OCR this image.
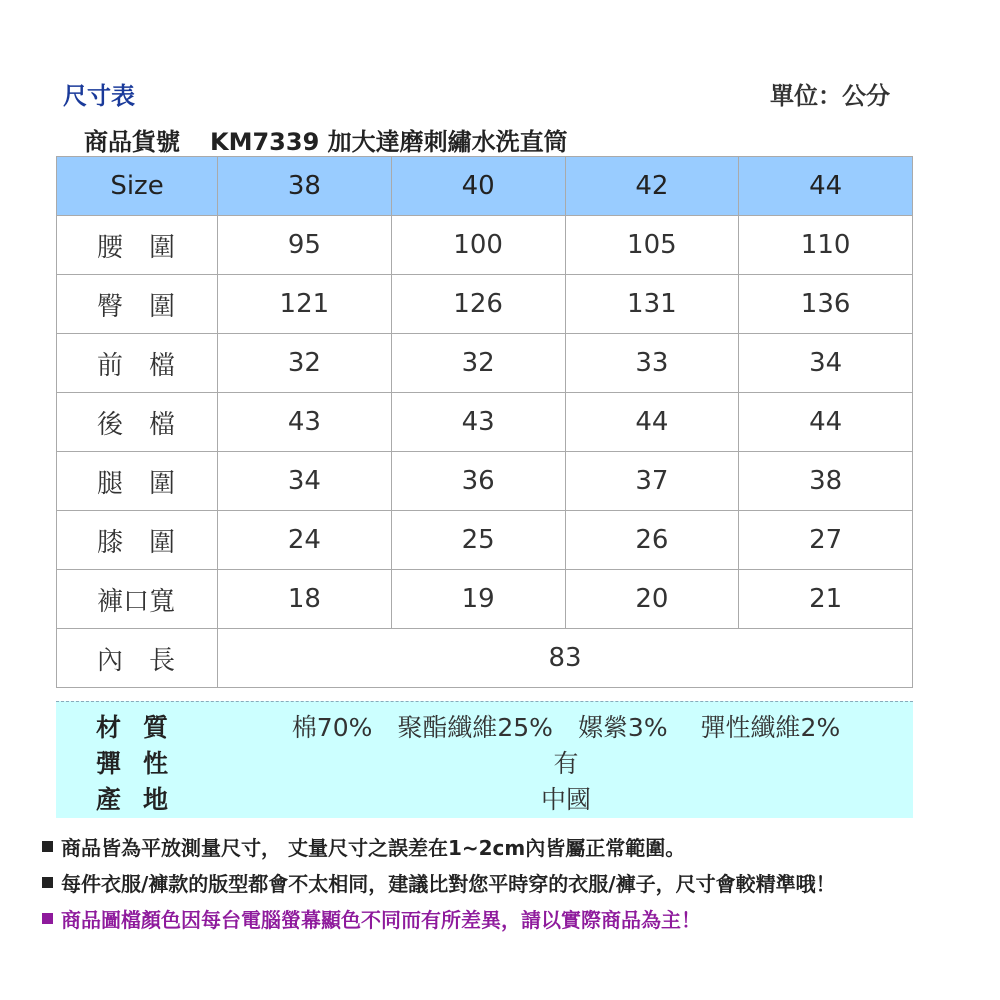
尺寸表	單位：公分
商品貨號 KM7339 加大達磨刺繡水洗直筒
Size	38	40	42	44
腰　圍	95	100	105	110
臀　圍	121	126	131	136
前　檔	32	32	33	34
後　檔	43	43	44	44
腿　圍	34	36	37	38
膝　圍	24	25	26	27
褲口寬	18	19	20	21
內　長	83			
材質	棉70%　聚酯纖維25%　嫘縈3%　 彈性纖維2%
彈性	有
產地	中國
商品皆為平放測量尺寸， 丈量尺寸之誤差在1~2cm內皆屬正常範圍。
每件衣服/褲款的版型都會不太相同，建議比對您平時穿的衣服/褲子，尺寸會較精準哦！
商品圖檔顏色因每台電腦螢幕顯色不同而有所差異，請以實際商品為主！
